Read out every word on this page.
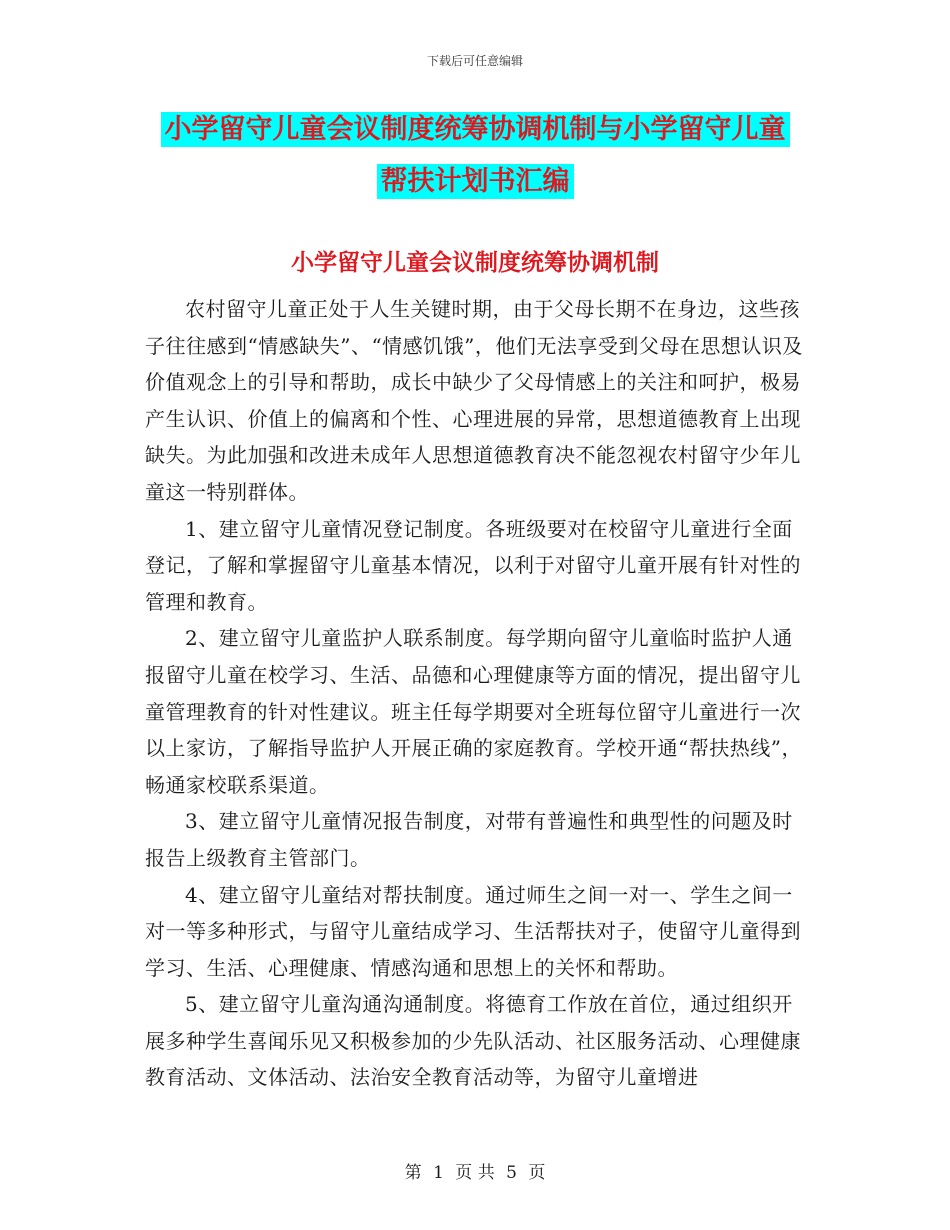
下载后可任意编辑
小学留守儿童会议制度统筹协调机制与小学留守儿童
帮扶计划书汇编
小学留守儿童会议制度统筹协调机制

农村留守儿童正处于人生关键时期，由于父母长期不在身边，这些孩子往往感到“情感缺失”、“情感饥饿”，他们无法享受到父母在思想认识及价值观念上的引导和帮助，成长中缺少了父母情感上的关注和呵护，极易产生认识、价值上的偏离和个性、心理进展的异常，思想道德教育上出现缺失。为此加强和改进未成年人思想道德教育决不能忽视农村留守少年儿童这一特别群体。

1、建立留守儿童情况登记制度。各班级要对在校留守儿童进行全面登记，了解和掌握留守儿童基本情况，以利于对留守儿童开展有针对性的管理和教育。

2、建立留守儿童监护人联系制度。每学期向留守儿童临时监护人通报留守儿童在校学习、生活、品德和心理健康等方面的情况，提出留守儿童管理教育的针对性建议。班主任每学期要对全班每位留守儿童进行一次以上家访，了解指导监护人开展正确的家庭教育。学校开通“帮扶热线”，畅通家校联系渠道。

3、建立留守儿童情况报告制度，对带有普遍性和典型性的问题及时报告上级教育主管部门。

4、建立留守儿童结对帮扶制度。通过师生之间一对一、学生之间一对一等多种形式，与留守儿童结成学习、生活帮扶对子，使留守儿童得到学习、生活、心理健康、情感沟通和思想上的关怀和帮助。

5、建立留守儿童沟通沟通制度。将德育工作放在首位，通过组织开展多种学生喜闻乐见又积极参加的少先队活动、社区服务活动、心理健康教育活动、文体活动、法治安全教育活动等，为留守儿童增进

第 1 页 共 5 页
